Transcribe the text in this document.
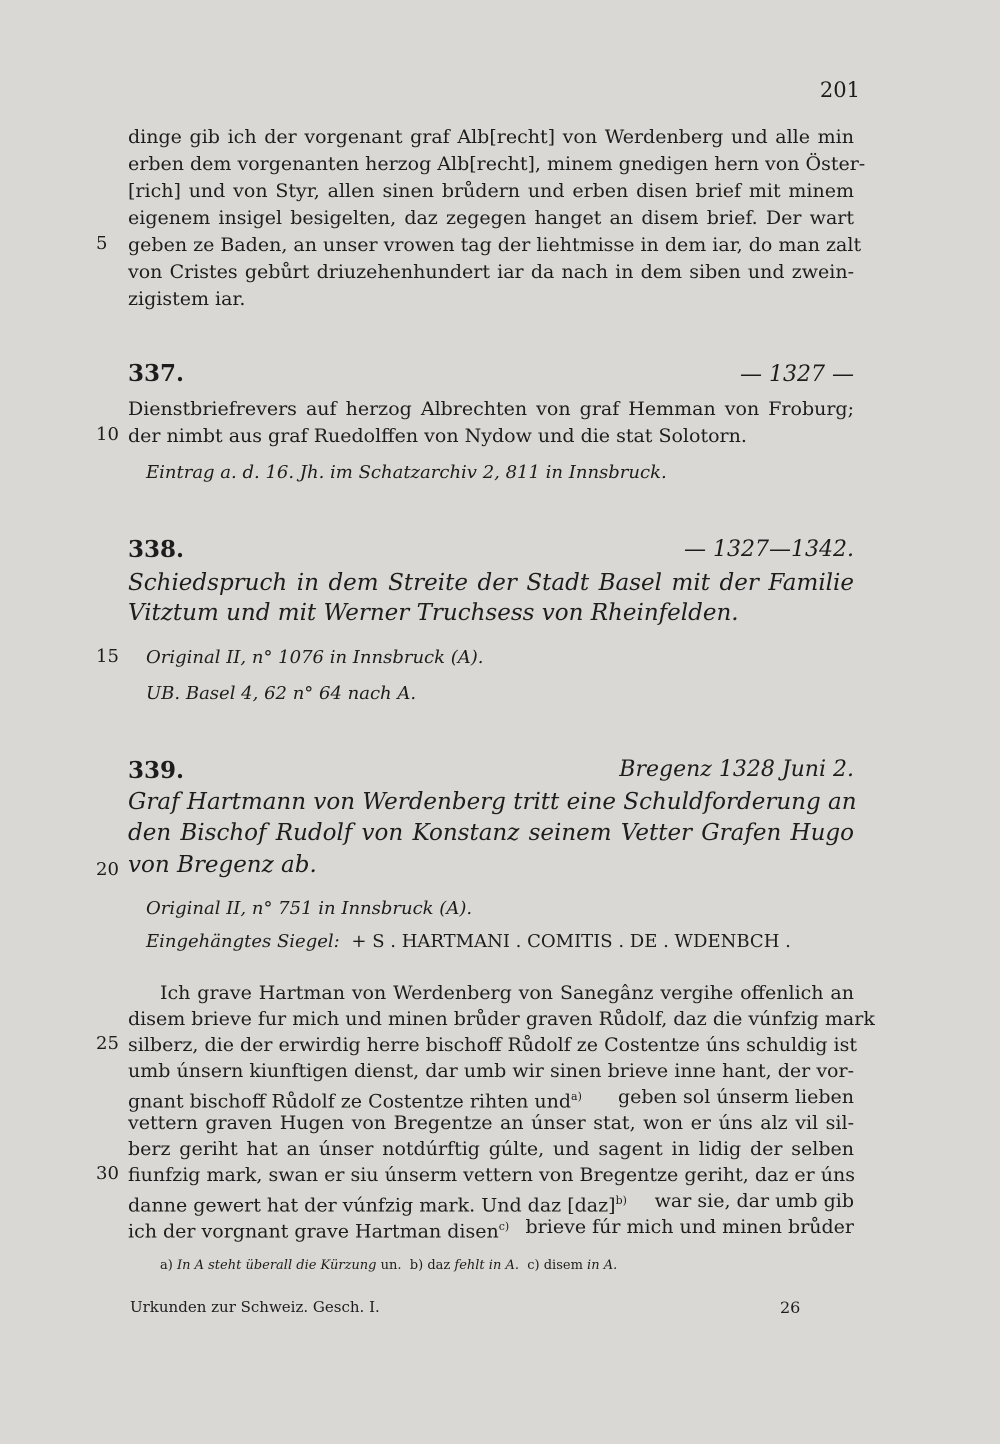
201
dinge gib ich der vorgenant graf Alb[recht] von Werdenberg und alle min
erben dem vorgenanten herzog Alb[recht], minem gnedigen hern von Öster-
[rich] und von Styr, allen sinen brůdern und erben disen brief mit minem
eigenem insigel besigelten, daz zegegen hanget an disem brief. Der wart
5	geben ze Baden, an unser vrowen tag der liehtmisse in dem iar, do man zalt
von Cristes gebůrt driuzehenhundert iar da nach in dem siben und zwein-
zigistem iar.
337.	— 1327 —
Dienstbriefrevers auf herzog Albrechten von graf Hemman von Froburg;
10 der nimbt aus graf Ruedolffen von Nydow und die stat Solotorn.
Eintrag a. d. 16. Jh. im Schatzarchiv 2, 811 in Innsbruck.
338.	— 1327—1342.
Schiedspruch in dem Streite der Stadt Basel mit der Familie
Vitztum und mit Werner Truchsess von Rheinfelden.
15 Original II, n° 1076 in Innsbruck (A).
UB. Basel 4, 62 n° 64 nach A.
339.	Bregenz 1328 Juni 2.
Graf Hartmann von Werdenberg tritt eine Schuldforderung an
den Bischof Rudolf von Konstanz seinem Vetter Grafen Hugo
20 von Bregenz ab.
Original II, n° 751 in Innsbruck (A).
Eingehängtes Siegel: + S . HARTMANI . COMITIS . DE . WDENBCH .
Ich grave Hartman von Werdenberg von Sanegânz vergihe offenlich an
disem brieve fur mich und minen brůder graven Růdolf, daz die vúnfzig mark
25 silberz, die der erwirdig herre bischoff Růdolf ze Costentze úns schuldig ist
umb únsern kiunftigen dienst, dar umb wir sinen brieve inne hant, der vor-
gnant bischoff Růdolf ze Costentze rihten und$^{a)}$ geben sol únserm lieben
vettern graven Hugen von Bregentze an únser stat, won er úns alz vil sil-
berz geriht hat an únser notdúrftig gúlte, und sagent in lidig der selben
30 fiunfzig mark, swan er siu únserm vettern von Bregentze geriht, daz er úns
danne gewert hat der vúnfzig mark. Und daz [daz]$^{b)}$ war sie, dar umb gib
ich der vorgnant grave Hartman disen$^{c)}$ brieve fúr mich und minen brůder
a) In A steht überall die Kürzung un. b) daz fehlt in A. c) disem in A.
Urkunden zur Schweiz. Gesch. I.	26
